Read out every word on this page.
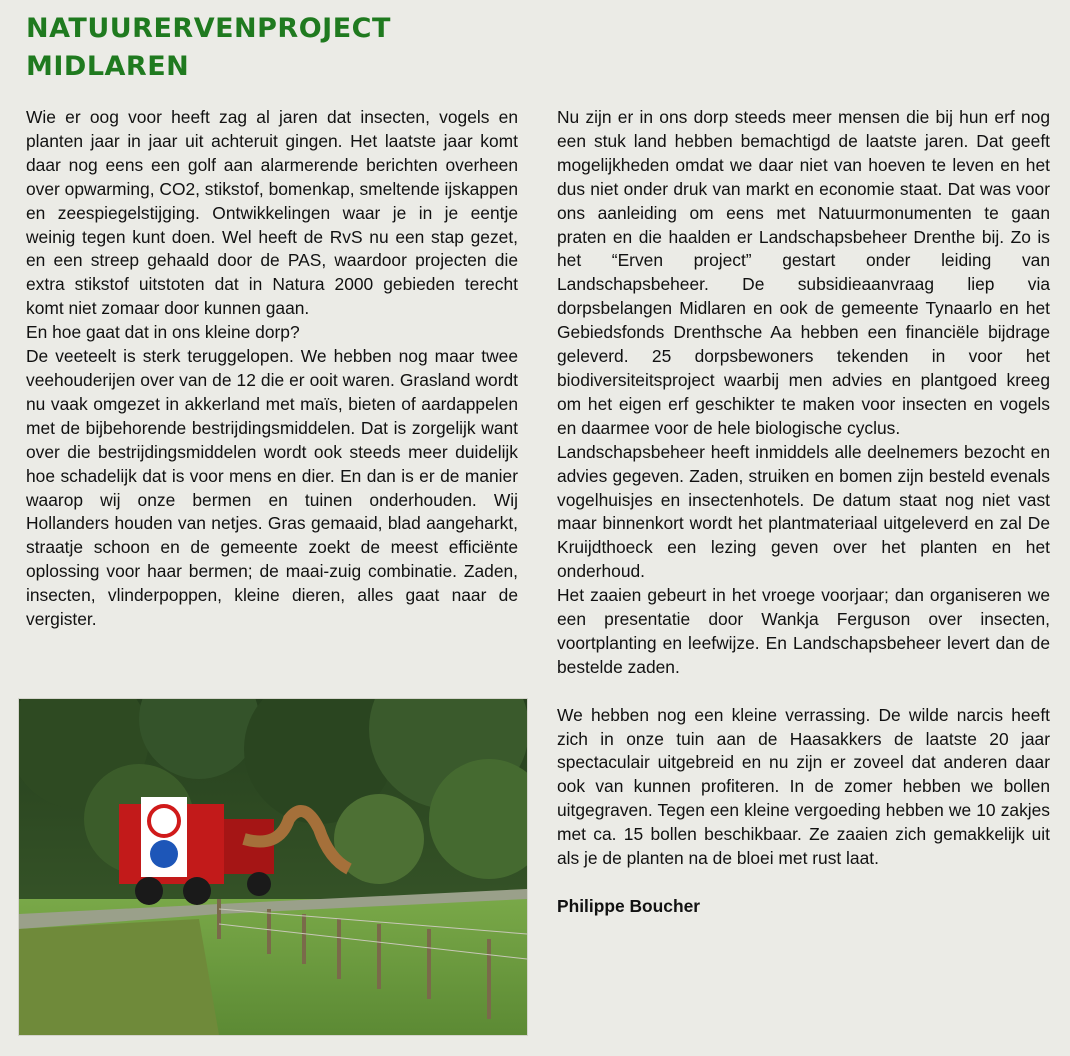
NATUURERVENPROJECT
MIDLAREN

Wie er oog voor heeft zag al jaren dat insecten, vogels en planten jaar in jaar uit achteruit gingen. Het laatste jaar komt daar nog eens een golf aan alarmerende berichten overheen over opwarming, CO2, stikstof, bomenkap, smeltende ijskappen en zeespiegelstijging. Ontwikkelingen waar je in je eentje weinig tegen kunt doen. Wel heeft de RvS nu een stap gezet, en een streep gehaald door de PAS, waardoor projecten die extra stikstof uitstoten dat in Natura 2000 gebieden terecht komt niet zomaar door kunnen gaan.

En hoe gaat dat in ons kleine dorp?

De veeteelt is sterk teruggelopen. We hebben nog maar twee veehouderijen over van de 12 die er ooit waren. Grasland wordt nu vaak omgezet in akkerland met maïs, bieten of aardappelen met de bijbehorende bestrijdingsmiddelen. Dat is zorgelijk want over die bestrijdingsmiddelen wordt ook steeds meer duidelijk hoe schadelijk dat is voor mens en dier. En dan is er de manier waarop wij onze bermen en tuinen onderhouden. Wij Hollanders houden van netjes. Gras gemaaid, blad aangeharkt, straatje schoon en de gemeente zoekt de meest efficiënte oplossing voor haar bermen; de maai-zuig combinatie. Zaden, insecten, vlinderpoppen, kleine dieren, alles gaat naar de vergister.

Nu zijn er in ons dorp steeds meer mensen die bij hun erf nog een stuk land hebben bemachtigd de laatste jaren. Dat geeft mogelijkheden omdat we daar niet van hoeven te leven en het dus niet onder druk van markt en economie staat. Dat was voor ons aanleiding om eens met Natuurmonumenten te gaan praten en die haalden er Landschapsbeheer Drenthe bij. Zo is het “Erven project” gestart onder leiding van Landschapsbeheer. De subsidieaanvraag liep via dorpsbelangen Midlaren en ook de gemeente Tynaarlo en het Gebiedsfonds Drenthsche Aa hebben een financiële bijdrage geleverd. 25 dorpsbewoners tekenden in voor het biodiversiteitsproject waarbij men advies en plantgoed kreeg om het eigen erf geschikter te maken voor insecten en vogels en daarmee voor de hele biologische cyclus.

Landschapsbeheer heeft inmiddels alle deelnemers bezocht en advies gegeven. Zaden, struiken en bomen zijn besteld evenals vogelhuisjes en insectenhotels. De datum staat nog niet vast maar binnenkort wordt het plantmateriaal uitgeleverd en zal De Kruijdthoeck een lezing geven over het planten en het onderhoud.

Het zaaien gebeurt in het vroege voorjaar; dan organiseren we een presentatie door Wankja Ferguson over insecten, voortplanting en leefwijze. En Landschapsbeheer levert dan de bestelde zaden.

We hebben nog een kleine verrassing. De wilde narcis heeft zich in onze tuin aan de Haasakkers de laatste 20 jaar spectaculair uitgebreid en nu zijn er zoveel dat anderen daar ook van kunnen profiteren. In de zomer hebben we bollen uitgegraven. Tegen een kleine vergoeding hebben we 10 zakjes met ca. 15 bollen beschikbaar. Ze zaaien zich gemakkelijk uit als je de planten na de bloei met rust laat.

Philippe Boucher
